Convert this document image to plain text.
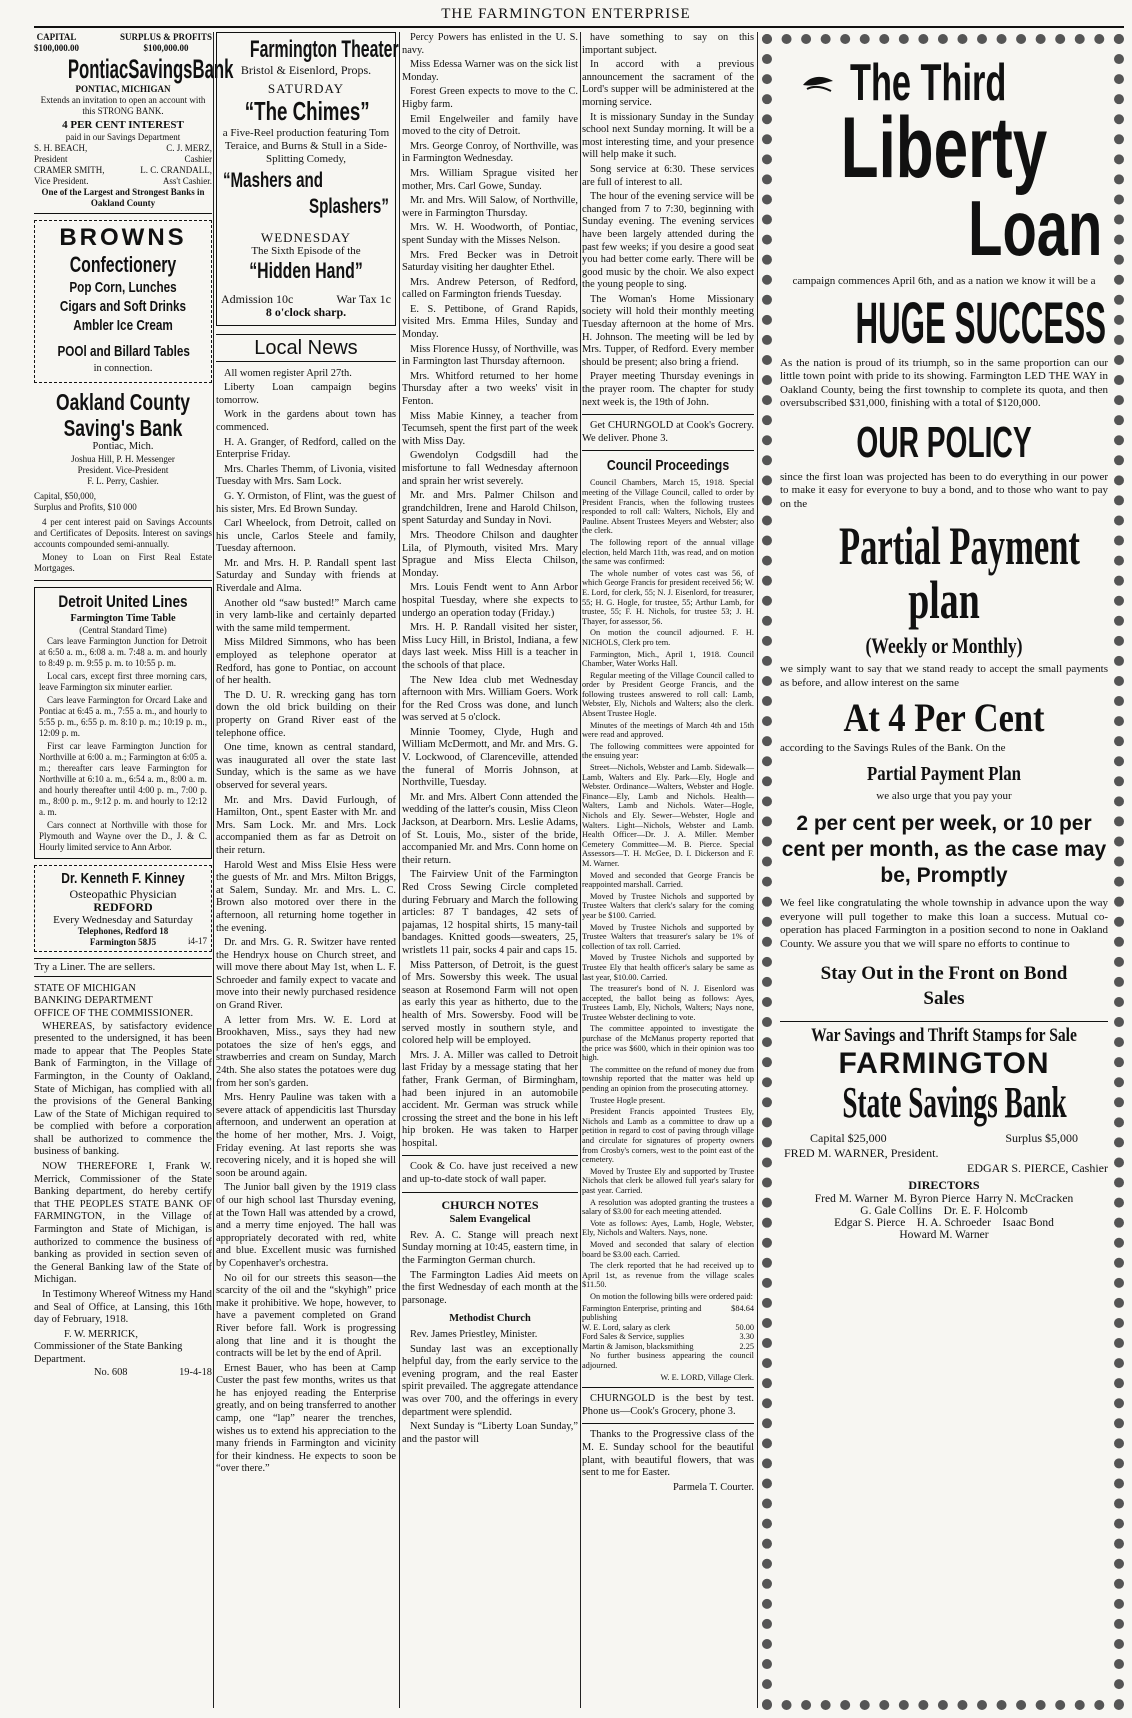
THE FARMINGTON ENTERPRISE
CAPITAL
$100,000.00
SURPLUS & PROFITS
$100,000.00
PontiacSavingsBank
PONTIAC, MICHIGAN

Extends an invitation to open an account with this STRONG BANK.

4 PER CENT INTEREST
paid in our Savings Department
S. H. BEACH,	C. J. MERZ,
President	Cashier
CRAMER SMITH,	L. C. CRANDALL,
Vice President.	Ass't Cashier.
One of the Largest and Strongest Banks in Oakland County
BROWNS
Confectionery
Pop Corn, Lunches
Cigars and Soft Drinks
Ambler Ice Cream
POOl and Billard Tables
in connection.
Oakland County
Saving's Bank
Pontiac, Mich.
Joshua Hill, P. H. Messenger
President. Vice-President
F. L. Perry, Cashier.
Capital, $50,000,
Surplus and Profits, $10 000

4 per cent interest paid on Savings Accounts and Certificates of Deposits. Interest on savings accounts compounded semi-annually.

Money to Loan on First Real Estate Mortgages.

Detroit United Lines
Farmington Time Table
(Central Standard Time)

Cars leave Farmington Junction for Detroit at 6:50 a. m., 6:08 a. m. 7:48 a. m. and hourly to 8:49 p. m. 9:55 p. m. to 10:55 p. m.

Local cars, except first three morning cars, leave Farmington six minuter earlier.

Cars leave Farmington for Orcard Lake and Pontiac at 6:45 a. m., 7:55 a. m., and hourly to 5:55 p. m., 6:55 p. m. 8:10 p. m.; 10:19 p. m., 12:09 p. m.

First car leave Farmington Junction for Northville at 6:00 a. m.; Farmington at 6:05 a. m.; thereafter cars leave Farmington for Northville at 6:10 a. m., 6:54 a. m., 8:00 a. m. and hourly thereafter until 4:00 p. m., 7:00 p. m., 8:00 p. m., 9:12 p. m. and hourly to 12:12 a. m.

Cars connect at Northville with those for Plymouth and Wayne over the D., J. & C. Hourly limited service to Ann Arbor.

Dr. Kenneth F. Kinney
Osteopathic Physician
REDFORD
Every Wednesday and Saturday
Telephones, Redford 18
Farmington 58J5	i4-17
Try a Liner. The are sellers.
STATE OF MICHIGAN
BANKING DEPARTMENT
OFFICE OF THE COMMISSIONER.

WHEREAS, by satisfactory evidence presented to the undersigned, it has been made to appear that The Peoples State Bank of Farmington, in the Village of Farmington, in the County of Oakland, State of Michigan, has complied with all the provisions of the General Banking Law of the State of Michigan required to be complied with before a corporation shall be authorized to commence the business of banking.

NOW THEREFORE I, Frank W. Merrick, Commissioner of the State Banking department, do hereby certify that THE PEOPLES STATE BANK OF FARMINGTON, in the Village of Farmington and State of Michigan, is authorized to commence the business of banking as provided in section seven of the General Banking law of the State of Michigan.

In Testimony Whereof Witness my Hand and Seal of Office, at Lansing, this 16th day of February, 1918.

F. W. MERRICK,
Commissioner of the State Banking Department.
No. 608	19-4-18
Farmington Theater
Bristol & Eisenlord, Props.
SATURDAY
“The Chimes”

a Five-Reel production featuring Tom Teraice, and Burns & Stull in a Side-Splitting Comedy,

“Mashers and
Splashers”
WEDNESDAY
The Sixth Episode of the
“Hidden Hand”
Admission 10c	War Tax 1c
8 o'clock sharp.
Local News

All women register April 27th.

Liberty Loan campaign begins tomorrow.

Work in the gardens about town has commenced.

H. A. Granger, of Redford, called on the Enterprise Friday.

Mrs. Charles Themm, of Livonia, visited Tuesday with Mrs. Sam Lock.

G. Y. Ormiston, of Flint, was the guest of his sister, Mrs. Ed Brown Sunday.

Carl Wheelock, from Detroit, called on his uncle, Carlos Steele and family, Tuesday afternoon.

Mr. and Mrs. H. P. Randall spent last Saturday and Sunday with friends at Riverdale and Alma.

Another old “saw busted!” March came in very lamb-like and certainly departed with the same mild temperment.

Miss Mildred Simmons, who has been employed as telephone operator at Redford, has gone to Pontiac, on account of her health.

The D. U. R. wrecking gang has torn down the old brick building on their property on Grand River east of the telephone office.

One time, known as central standard, was inaugurated all over the state last Sunday, which is the same as we have observed for several years.

Mr. and Mrs. David Furlough, of Hamilton, Ont., spent Easter with Mr. and Mrs. Sam Lock. Mr. and Mrs. Lock accompanied them as far as Detroit on their return.

Harold West and Miss Elsie Hess were the guests of Mr. and Mrs. Milton Briggs, at Salem, Sunday. Mr. and Mrs. L. C. Brown also motored over there in the afternoon, all returning home together in the evening.

Dr. and Mrs. G. R. Switzer have rented the Hendryx house on Church street, and will move there about May 1st, when L. F. Schroeder and family expect to vacate and move into their newly purchased residence on Grand River.

A letter from Mrs. W. E. Lord at Brookhaven, Miss., says they had new potatoes the size of hen's eggs, and strawberries and cream on Sunday, March 24th. She also states the potatoes were dug from her son's garden.

Mrs. Henry Pauline was taken with a severe attack of appendicitis last Thursday afternoon, and underwent an operation at the home of her mother, Mrs. J. Voigt, Friday evening. At last reports she was recovering nicely, and it is hoped she will soon be around again.

The Junior ball given by the 1919 class of our high school last Thursday evening, at the Town Hall was attended by a crowd, and a merry time enjoyed. The hall was appropriately decorated with red, white and blue. Excellent music was furnished by Copenhaver's orchestra.

No oil for our streets this season—the scarcity of the oil and the “skyhigh” price make it prohibitive. We hope, however, to have a pavement completed on Grand River before fall. Work is progressing along that line and it is thought the contracts will be let by the end of April.

Ernest Bauer, who has been at Camp Custer the past few months, writes us that he has enjoyed reading the Enterprise greatly, and on being transferred to another camp, one “lap” nearer the trenches, wishes us to extend his appreciation to the many friends in Farmington and vicinity for their kindness. He expects to soon be “over there.”

Percy Powers has enlisted in the U. S. navy.

Miss Edessa Warner was on the sick list Monday.

Forest Green expects to move to the C. Higby farm.

Emil Engelweiler and family have moved to the city of Detroit.

Mrs. George Conroy, of Northville, was in Farmington Wednesday.

Mrs. William Sprague visited her mother, Mrs. Carl Gowe, Sunday.

Mr. and Mrs. Will Salow, of Northville, were in Farmington Thursday.

Mrs. W. H. Woodworth, of Pontiac, spent Sunday with the Misses Nelson.

Mrs. Fred Becker was in Detroit Saturday visiting her daughter Ethel.

Mrs. Andrew Peterson, of Redford, called on Farmington friends Tuesday.

E. S. Pettibone, of Grand Rapids, visited Mrs. Emma Hiles, Sunday and Monday.

Miss Florence Hussy, of Northville, was in Farmington last Thursday afternoon.

Mrs. Whitford returned to her home Thursday after a two weeks' visit in Fenton.

Miss Mabie Kinney, a teacher from Tecumseh, spent the first part of the week with Miss Day.

Gwendolyn Codgsdill had the misfortune to fall Wednesday afternoon and sprain her wrist severely.

Mr. and Mrs. Palmer Chilson and grandchildren, Irene and Harold Chilson, spent Saturday and Sunday in Novi.

Mrs. Theodore Chilson and daughter Lila, of Plymouth, visited Mrs. Mary Sprague and Miss Electa Chilson, Monday.

Mrs. Louis Fendt went to Ann Arbor hospital Tuesday, where she expects to undergo an operation today (Friday.)

Mrs. H. P. Randall visited her sister, Miss Lucy Hill, in Bristol, Indiana, a few days last week. Miss Hill is a teacher in the schools of that place.

The New Idea club met Wednesday afternoon with Mrs. William Goers. Work for the Red Cross was done, and lunch was served at 5 o'clock.

Minnie Toomey, Clyde, Hugh and William McDermott, and Mr. and Mrs. G. V. Lockwood, of Clarenceville, attended the funeral of Morris Johnson, at Northville, Tuesday.

Mr. and Mrs. Albert Conn attended the wedding of the latter's cousin, Miss Cleon Jackson, at Dearborn. Mrs. Leslie Adams, of St. Louis, Mo., sister of the bride, accompanied Mr. and Mrs. Conn home on their return.

The Fairview Unit of the Farmington Red Cross Sewing Circle completed during February and March the following articles: 87 T bandages, 42 sets of pajamas, 12 hospital shirts, 15 many-tail bandages. Knitted goods—sweaters, 25, wristlets 11 pair, socks 4 pair and caps 15.

Miss Patterson, of Detroit, is the guest of Mrs. Sowersby this week. The usual season at Rosemond Farm will not open as early this year as hitherto, due to the health of Mrs. Sowersby. Food will be served mostly in southern style, and colored help will be employed.

Mrs. J. A. Miller was called to Detroit last Friday by a message stating that her father, Frank German, of Birmingham, had been injured in an automobile accident. Mr. German was struck while crossing the street and the bone in his left hip broken. He was taken to Harper hospital.

Cook & Co. have just received a new and up-to-date stock of wall paper.

CHURCH NOTES
Salem Evangelical

Rev. A. C. Stange will preach next Sunday morning at 10:45, eastern time, in the Farmington German church.

The Farmington Ladies Aid meets on the first Wednesday of each month at the parsonage.

Methodist Church

Rev. James Priestley, Minister.

Sunday last was an exceptionally helpful day, from the early service to the evening program, and the real Easter spirit prevailed. The aggregate attendance was over 700, and the offerings in every department were splendid.

Next Sunday is “Liberty Loan Sunday,” and the pastor will

have something to say on this important subject.

In accord with a previous announcement the sacrament of the Lord's supper will be administered at the morning service.

It is missionary Sunday in the Sunday school next Sunday morning. It will be a most interesting time, and your presence will help make it such.

Song service at 6:30. These services are full of interest to all.

The hour of the evening service will be changed from 7 to 7:30, beginning with Sunday evening. The evening services have been largely attended during the past few weeks; if you desire a good seat you had better come early. There will be good music by the choir. We also expect the young people to sing.

The Woman's Home Missionary society will hold their monthly meeting Tuesday afternoon at the home of Mrs. H. Johnson. The meeting will be led by Mrs. Tupper, of Redford. Every member should be present; also bring a friend.

Prayer meeting Thursday evenings in the prayer room. The chapter for study next week is, the 19th of John.

Get CHURNGOLD at Cook's Gocrery. We deliver. Phone 3.

Council Proceedings

Council Chambers, March 15, 1918. Special meeting of the Village Council, called to order by President Francis, when the following trustees responded to roll call: Walters, Nichols, Ely and Pauline. Absent Trustees Meyers and Webster; also the clerk.

The following report of the annual village election, held March 11th, was read, and on motion the same was confirmed:

The whole number of votes cast was 56, of which George Francis for president received 56; W. E. Lord, for clerk, 55; N. J. Eisenlord, for treasurer, 55; H. G. Hogle, for trustee, 55; Arthur Lamb, for trustee, 55; F. H. Nichols, for trustee 53; J. H. Thayer, for assessor, 56.

On motion the council adjourned. F. H. NICHOLS, Clerk pro tem.

Farmington, Mich., April 1, 1918. Council Chamber, Water Works Hall.

Regular meeting of the Village Council called to order by President George Francis, and the following trustees answered to roll call: Lamb, Webster, Ely, Nichols and Walters; also the clerk. Absent Trustee Hogle.

Minutes of the meetings of March 4th and 15th were read and approved.

The following committees were appointed for the ensuing year:

Street—Nichols, Webster and Lamb. Sidewalk—Lamb, Walters and Ely. Park—Ely, Hogle and Webster. Ordinance—Walters, Webster and Hogle. Finance—Ely, Lamb and Nichols. Health—Walters, Lamb and Nichols. Water—Hogle, Nichols and Ely. Sewer—Webster, Hogle and Walters. Light—Nichols, Webster and Lamb. Health Officer—Dr. J. A. Miller. Member Cemetery Committee—M. B. Pierce. Special Assessors—T. H. McGee, D. I. Dickerson and F. M. Warner.

Moved and seconded that George Francis be reappointed marshall. Carried.

Moved by Trustee Nichols and supported by Trustee Walters that clerk's salary for the coming year be $100. Carried.

Moved by Trustee Nichols and supported by Trustee Walters that treasurer's salary be 1% of collection of tax roll. Carried.

Moved by Trustee Nichols and supported by Trustee Ely that health officer's salary be same as last year, $10.00. Carried.

The treasurer's bond of N. J. Eisenlord was accepted, the ballot being as follows: Ayes, Trustees Lamb, Ely, Nichols, Walters; Nays none, Trustee Webster declining to vote.

The committee appointed to investigate the purchase of the McManus property reported that the price was $600, which in their opinion was too high.

The committee on the refund of money due from township reported that the matter was held up pending an opinion from the prosecuting attorney.

Trustee Hogle present.

President Francis appointed Trustees Ely, Nichols and Lamb as a committee to draw up a petition in regard to cost of paving through village and circulate for signatures of property owners from Crosby's corners, west to the point east of the cemetery.

Moved by Trustee Ely and supported by Trustee Nichols that clerk be allowed full year's salary for past year. Carried.

A resolution was adopted granting the trustees a salary of $3.00 for each meeting attended.

Vote as follows: Ayes, Lamb, Hogle, Webster, Ely, Nichols and Walters. Nays, none.

Moved and seconded that salary of election board be $3.00 each. Carried.

The clerk reported that he had received up to April 1st, as revenue from the village scales $11.50.

On motion the following bills were ordered paid:

Farmington Enterprise, printing and publishing
$84.64
W. E. Lord, salary as clerk	50.00
Ford Sales & Service, supplies	3.30
Martin & Jamison, blacksmithing	2.25

No further business appearing the council adjourned.

W. E. LORD, Village Clerk.

CHURNGOLD is the best by test. Phone us—Cook's Grocery, phone 3.

Thanks to the Progressive class of the M. E. Sunday school for the beautiful plant, with beautiful flowers, that was sent to me for Easter.

Parmela T. Courter.
The Third
Liberty
Loan
campaign commences April 6th, and as a nation we know it will be a
HUGE SUCCESS
As the nation is proud of its triumph, so in the same proportion can our little town point with pride to its showing. Farmington LED THE WAY in Oakland County, being the first township to complete its quota, and then oversubscribed $31,000, finishing with a total of $120,000.
OUR POLICY
since the first loan was projected has been to do everything in our power to make it easy for everyone to buy a bond, and to those who want to pay on the
Partial Payment
plan
(Weekly or Monthly)
we simply want to say that we stand ready to accept the small payments as before, and allow interest on the same
At 4 Per Cent
according to the Savings Rules of the Bank. On the
Partial Payment Plan
we also urge that you pay your
2 per cent per week, or 10 per cent per month, as the case may be, Promptly
We feel like congratulating the whole township in advance upon the way everyone will pull together to make this loan a success. Mutual co-operation has placed Farmington in a position second to none in Oakland County. We assure you that we will spare no efforts to continue to
Stay Out in the Front on Bond Sales
War Savings and Thrift Stamps for Sale
FARMINGTON
State Savings Bank
Capital $25,000	Surplus $5,000
FRED M. WARNER, President.
EDGAR S. PIERCE, Cashier
DIRECTORS
Fred M. Warner  M. Byron Pierce  Harry N. McCracken
G. Gale Collins    Dr. E. F. Holcomb
Edgar S. Pierce    H. A. Schroeder    Isaac Bond
Howard M. Warner
